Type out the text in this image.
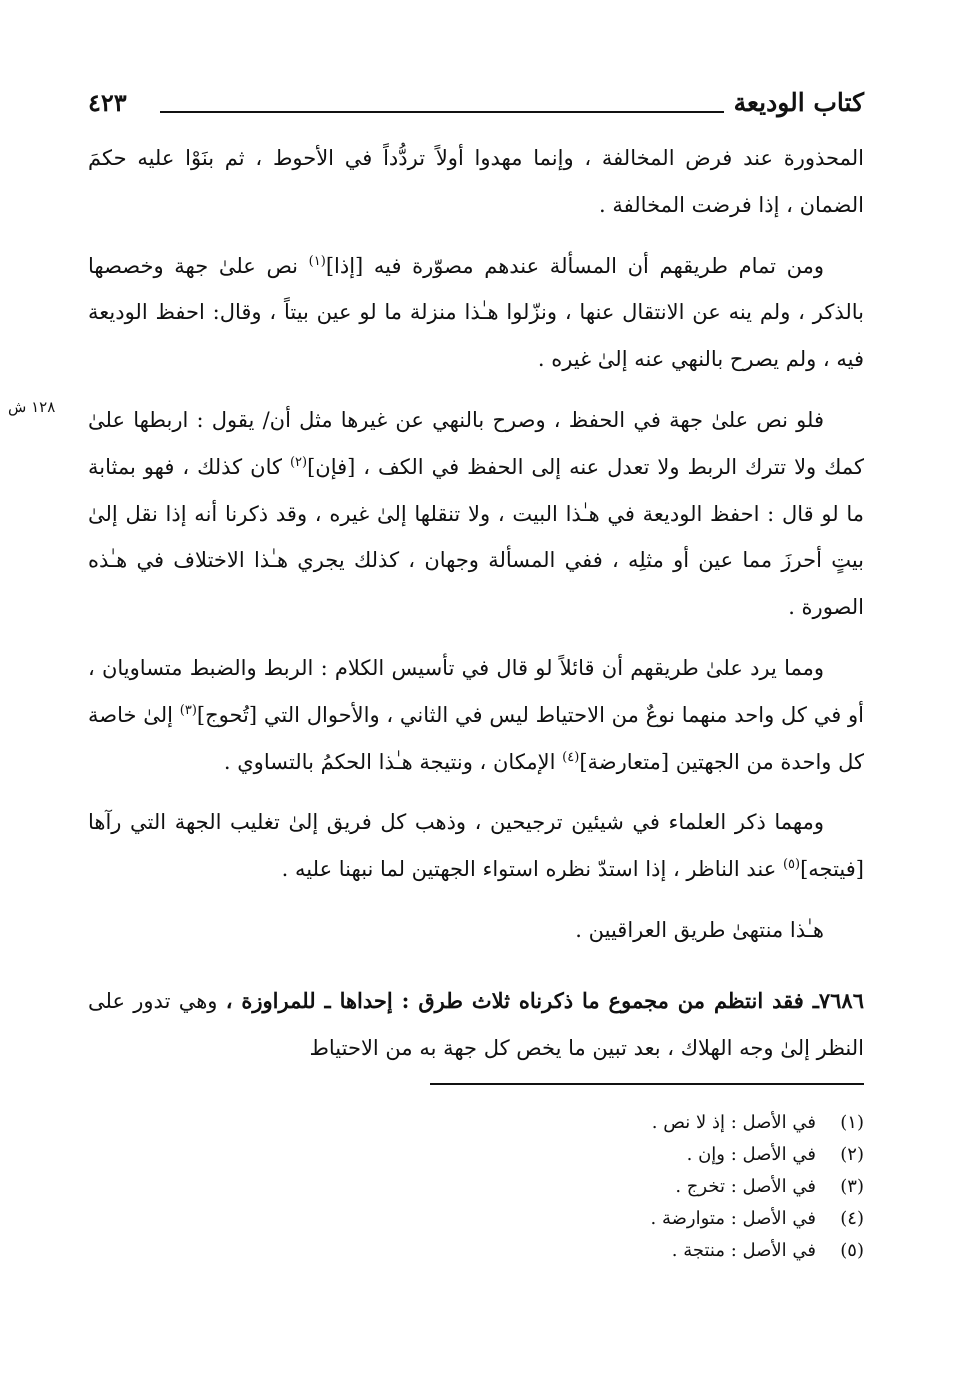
كتاب الوديعة
٤٢٣
١٢٨ ش

المحذورة عند فرض المخالفة ، وإنما مهدوا أولاً تردُّداً في الأحوط ، ثم بنَوْا عليه حكمَ الضمان ، إذا فرضت المخالفة .

ومن تمام طريقهم أن المسألة عندهم مصوّرة فيه [إذا]$^{(١)}$ نص علىٰ جهة وخصصها بالذكر ، ولم ينه عن الانتقال عنها ، ونزّلوا هـٰذا منزلة ما لو عين بيتاً ، وقال: احفظ الوديعة فيه ، ولم يصرح بالنهي عنه إلىٰ غيره .

فلو نص علىٰ جهة في الحفظ ، وصرح بالنهي عن غيرها مثل أن/ يقول : اربطها علىٰ كمك ولا تترك الربط ولا تعدل عنه إلى الحفظ في الكف ، [فإن]$^{(٢)}$ كان كذلك ، فهو بمثابة ما لو قال : احفظ الوديعة في هـٰذا البيت ، ولا تنقلها إلىٰ غيره ، وقد ذكرنا أنه إذا نقل إلىٰ بيتٍ أحرزَ مما عين أو مثلِه ، ففي المسألة وجهان ، كذلك يجري هـٰذا الاختلاف في هـٰذه الصورة .

ومما يرد علىٰ طريقهم أن قائلاً لو قال في تأسيس الكلام : الربط والضبط متساويان ، أو في كل واحد منهما نوعٌ من الاحتياط ليس في الثاني ، والأحوال التي [تُحوج]$^{(٣)}$ إلىٰ خاصة كل واحدة من الجهتين [متعارضة]$^{(٤)}$ الإمكان ، ونتيجة هـٰذا الحكمُ بالتساوي .

ومهما ذكر العلماء في شيئين ترجيحين ، وذهب كل فريق إلىٰ تغليب الجهة التي رآها [فيتجه]$^{(٥)}$ عند الناظر ، إذا استدّ نظره استواء الجهتين لما نبهنا عليه .

هـٰذا منتهىٰ طريق العراقيين .

٧٦٨٦ـ فقد انتظم من مجموع ما ذكرناه ثلاث طرق : إحداها ـ للمراوزة ، وهي تدور على النظر إلىٰ وجه الهلاك ، بعد تبين ما يخص كل جهة به من الاحتياط

(١)
في الأصل : إذ لا نص .
(٢)
في الأصل : وإن .
(٣)
في الأصل : تخرج .
(٤)
في الأصل : متوارضة .
(٥)
في الأصل : منتجة .
